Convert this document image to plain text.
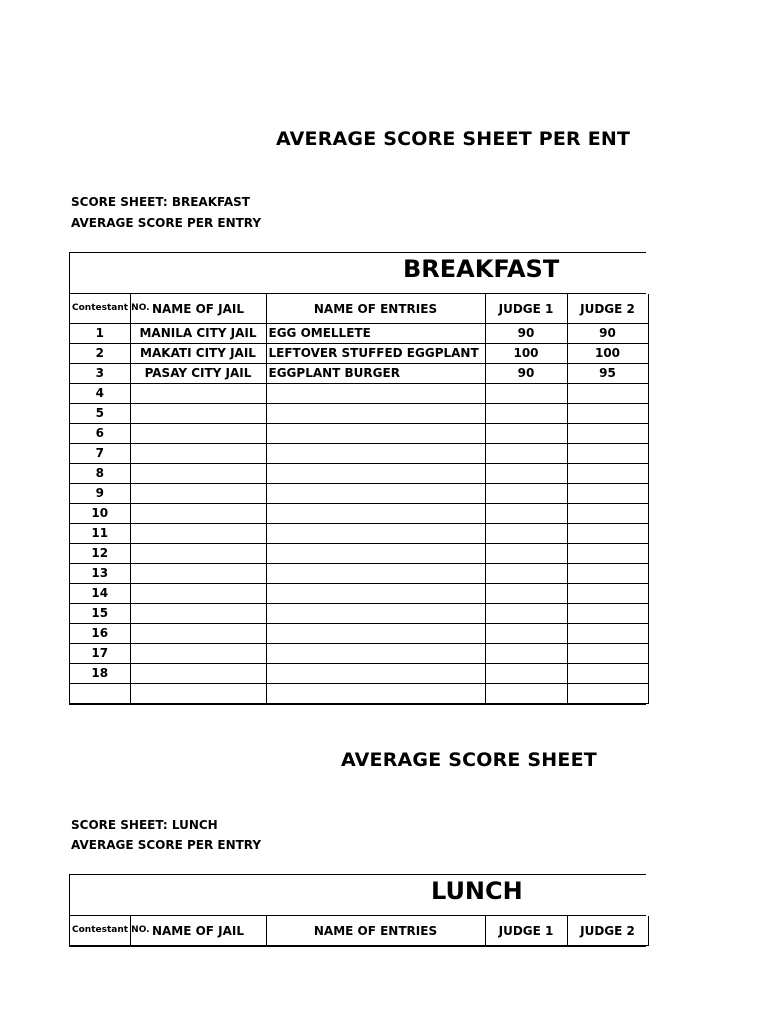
AVERAGE SCORE SHEET PER ENT
SCORE SHEET: BREAKFAST
AVERAGE SCORE PER ENTRY
BREAKFAST
Contestant NO.	NAME OF JAIL	NAME OF ENTRIES	JUDGE 1	JUDGE 2
1	MANILA CITY JAIL	EGG OMELLETE	90	90
2	MAKATI CITY JAIL	LEFTOVER STUFFED EGGPLANT	100	100
3	PASAY CITY JAIL	EGGPLANT BURGER	90	95
4				
5				
6				
7				
8				
9				
10				
11				
12				
13				
14				
15				
16				
17				
18				

AVERAGE SCORE SHEET
SCORE SHEET: LUNCH
AVERAGE SCORE PER ENTRY
LUNCH
Contestant NO.	NAME OF JAIL	NAME OF ENTRIES	JUDGE 1	JUDGE 2
